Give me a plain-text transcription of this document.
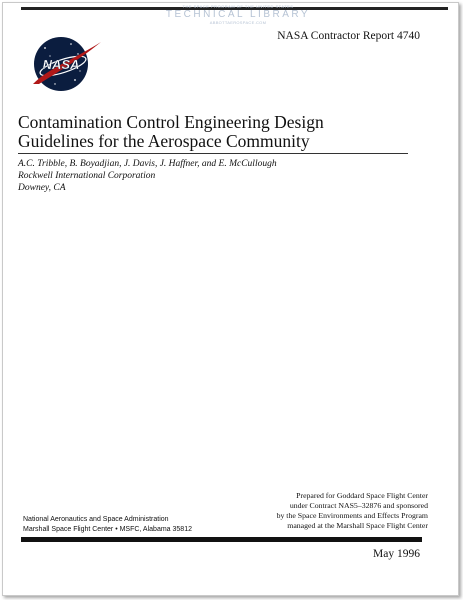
THE SPACE PROGRAM OF THE UNITED STATES
TECHNICAL LIBRARY
ABBOTTAEROSPACE.COM
NASA Contractor Report 4740
NASA
Contamination Control Engineering Design
Guidelines for the Aerospace Community
A.C. Tribble, B. Boyadjian, J. Davis, J. Haffner, and E. McCullough
Rockwell International Corporation
Downey, CA
Prepared for Goddard Space Flight Center
under Contract NAS5–32876 and sponsored
by the Space Environments and Effects Program
managed at the Marshall Space Flight Center
National Aeronautics and Space Administration
Marshall Space Flight Center • MSFC, Alabama 35812
May 1996
